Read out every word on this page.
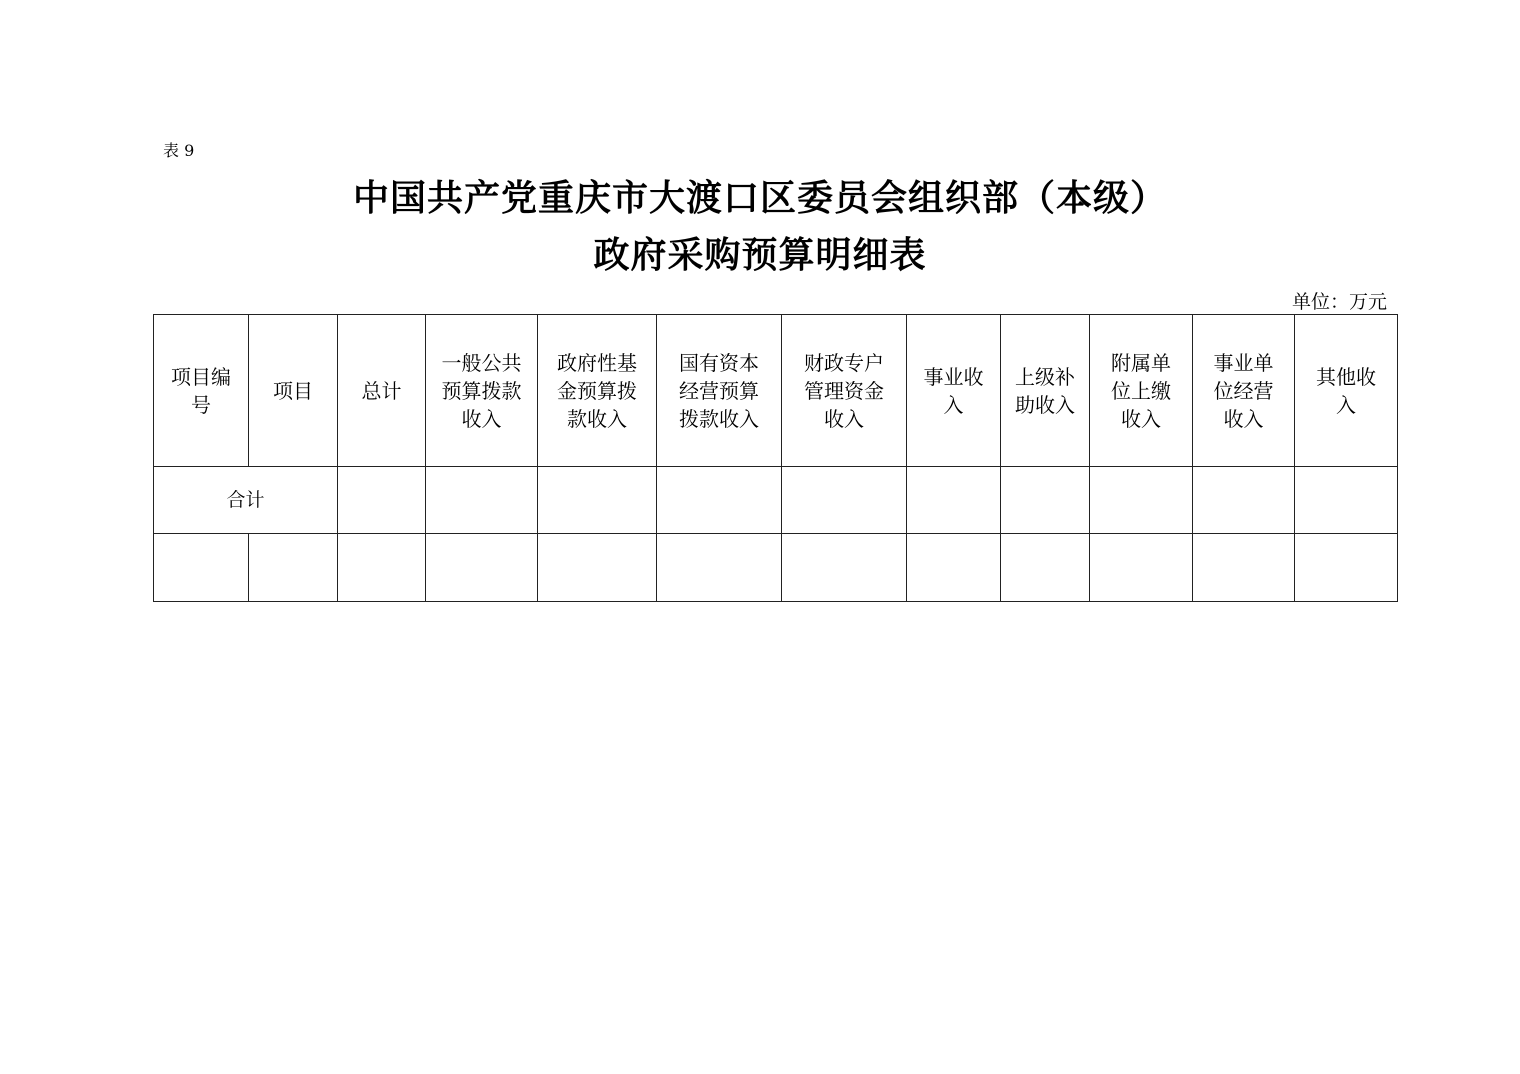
表 9
中国共产党重庆市大渡口区委员会组织部（本级）
政府采购预算明细表
单位：万元
项目编
号	项目	总计	一般公共
预算拨款
收入	政府性基
金预算拨
款收入	国有资本
经营预算
拨款收入	财政专户
管理资金
收入	事业收
入	上级补
助收入	附属单
位上缴
收入	事业单
位经营
收入	其他收
入
合计											
